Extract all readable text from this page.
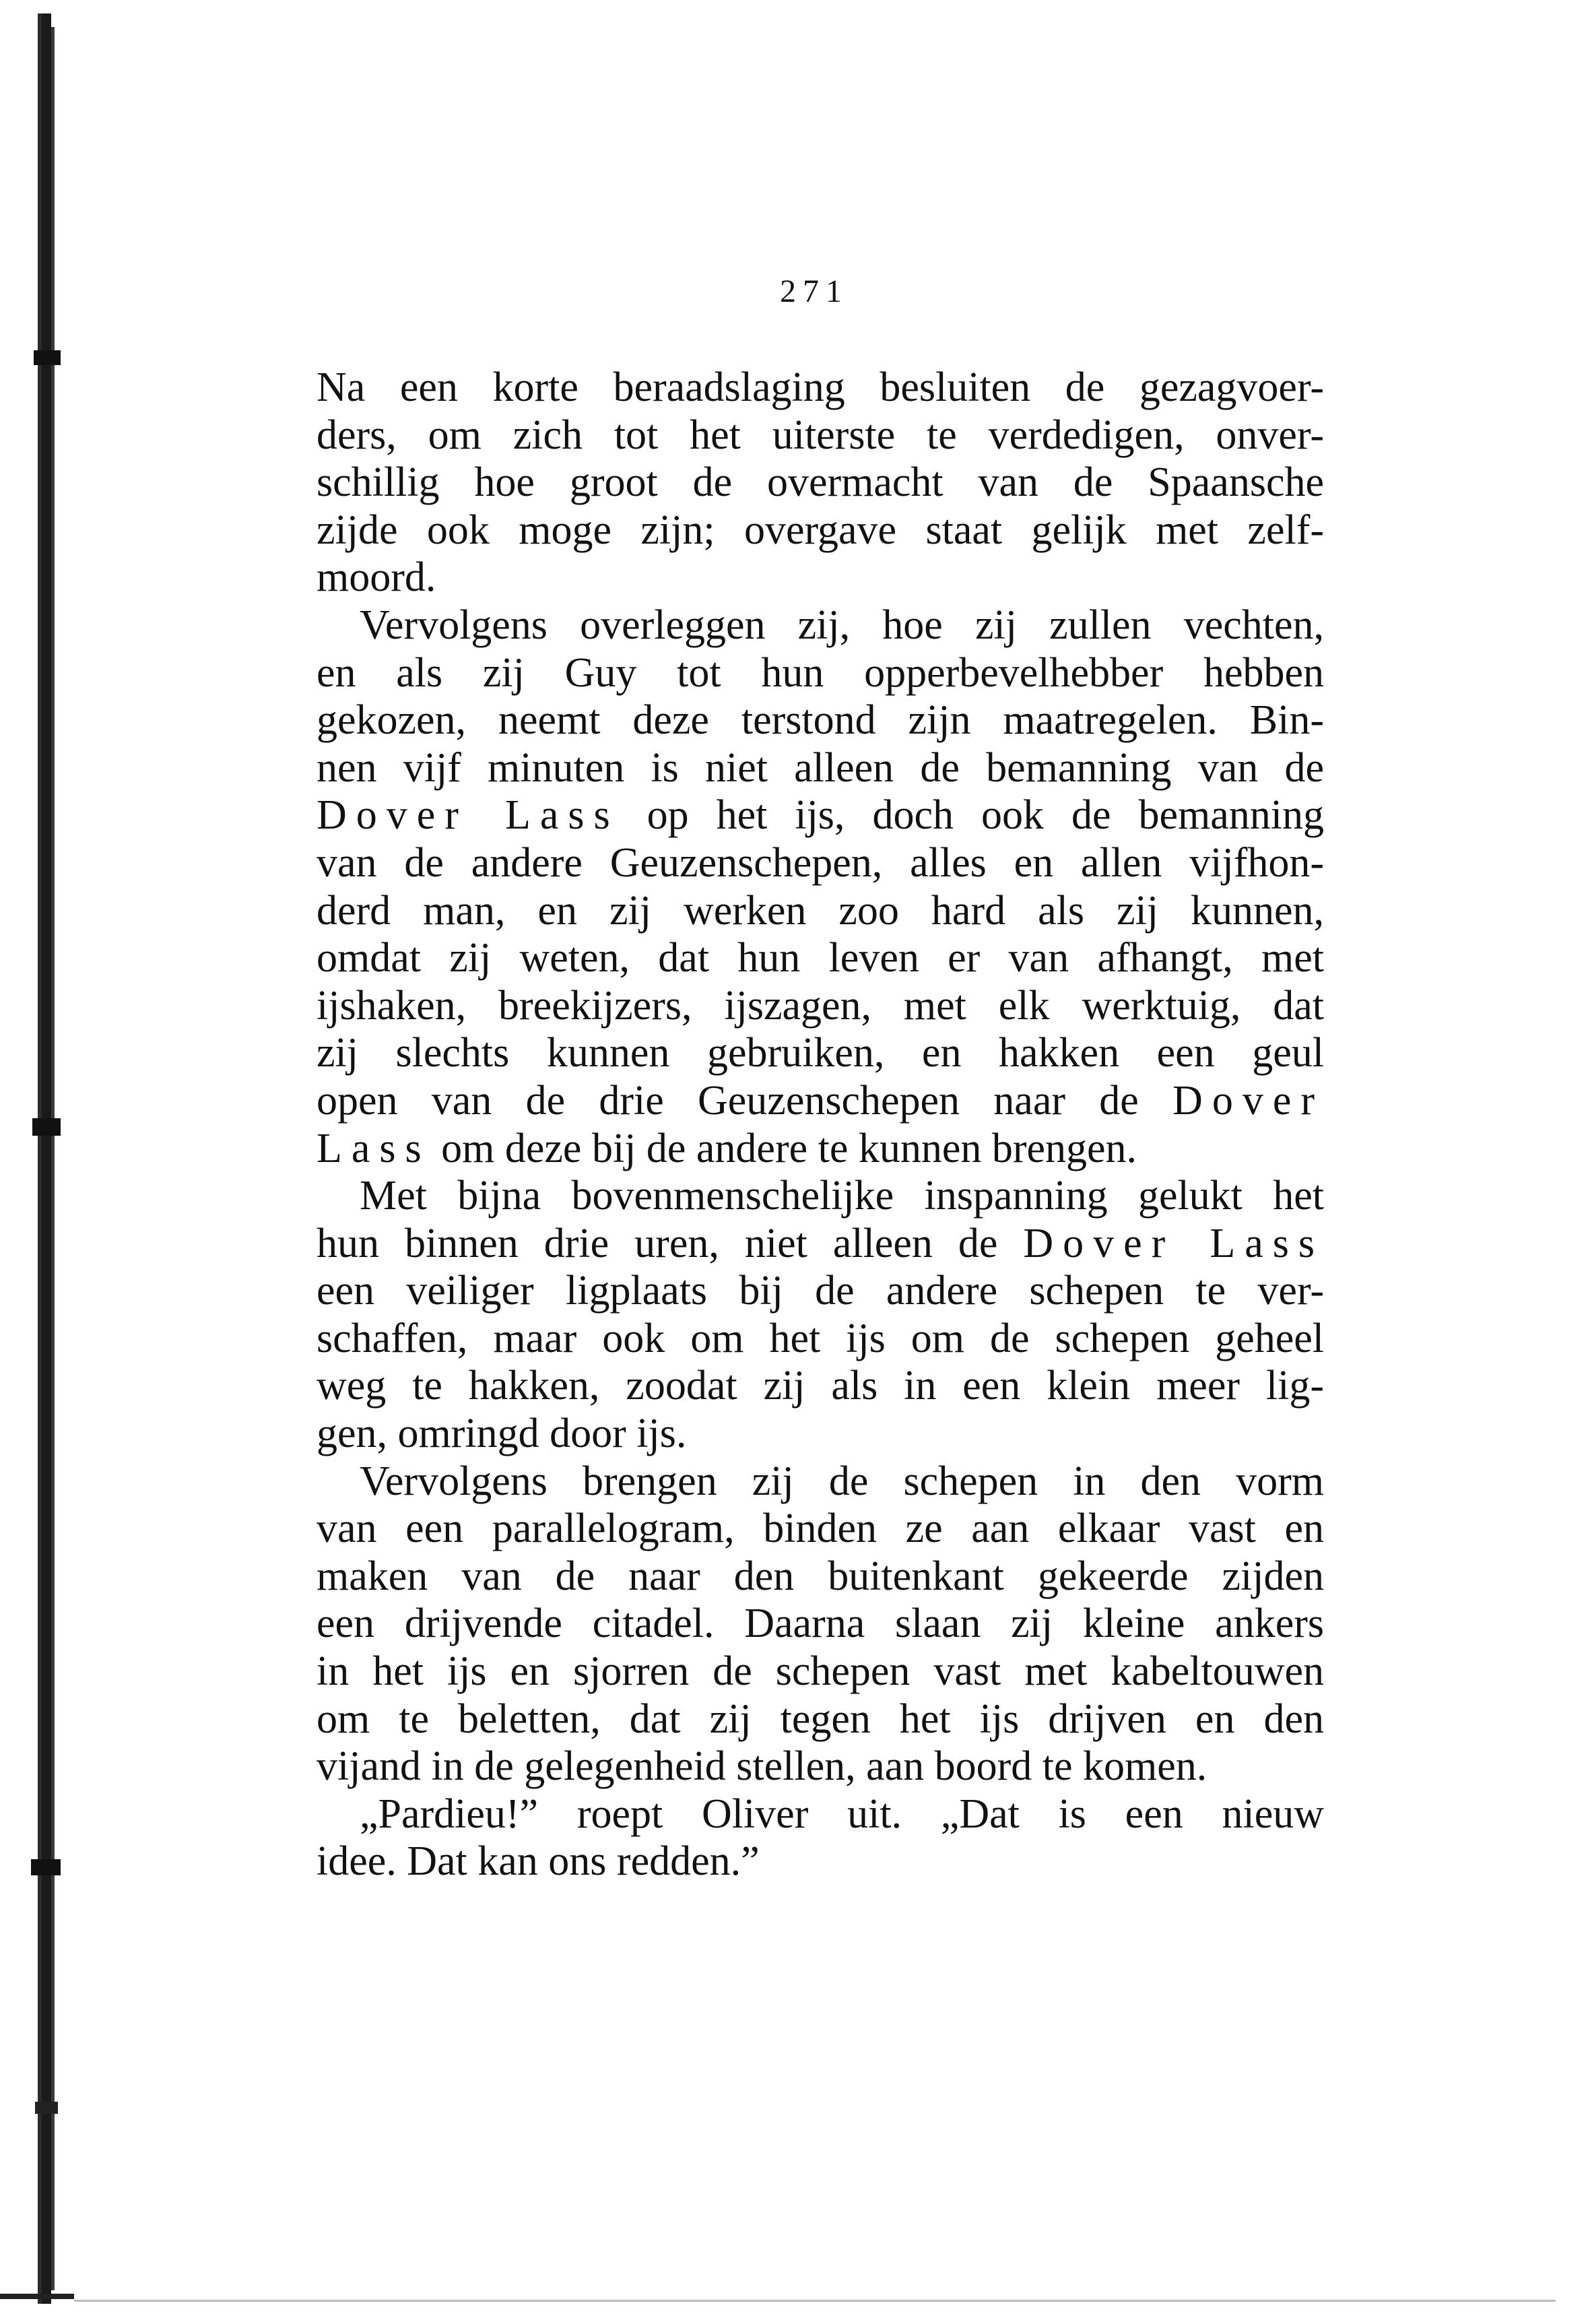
271
Na een korte beraadslaging besluiten de gezagvoer-
ders, om zich tot het uiterste te verdedigen, onver-
schillig hoe groot de overmacht van de Spaansche
zijde ook moge zijn; overgave staat gelijk met zelf-
moord.
Vervolgens overleggen zij, hoe zij zullen vechten,
en als zij Guy tot hun opperbevelhebber hebben
gekozen, neemt deze terstond zijn maatregelen. Bin-
nen vijf minuten is niet alleen de bemanning van de
Dover Lass op het ijs, doch ook de bemanning
van de andere Geuzenschepen, alles en allen vijfhon-
derd man, en zij werken zoo hard als zij kunnen,
omdat zij weten, dat hun leven er van afhangt, met
ijshaken, breekijzers, ijszagen, met elk werktuig, dat
zij slechts kunnen gebruiken, en hakken een geul
open van de drie Geuzenschepen naar de Dover
Lass om deze bij de andere te kunnen brengen.
Met bijna bovenmenschelijke inspanning gelukt het
hun binnen drie uren, niet alleen de Dover Lass
een veiliger ligplaats bij de andere schepen te ver-
schaffen, maar ook om het ijs om de schepen geheel
weg te hakken, zoodat zij als in een klein meer lig-
gen, omringd door ijs.
Vervolgens brengen zij de schepen in den vorm
van een parallelogram, binden ze aan elkaar vast en
maken van de naar den buitenkant gekeerde zijden
een drijvende citadel. Daarna slaan zij kleine ankers
in het ijs en sjorren de schepen vast met kabeltouwen
om te beletten, dat zij tegen het ijs drijven en den
vijand in de gelegenheid stellen, aan boord te komen.
„Pardieu!” roept Oliver uit. „Dat is een nieuw
idee. Dat kan ons redden.”
